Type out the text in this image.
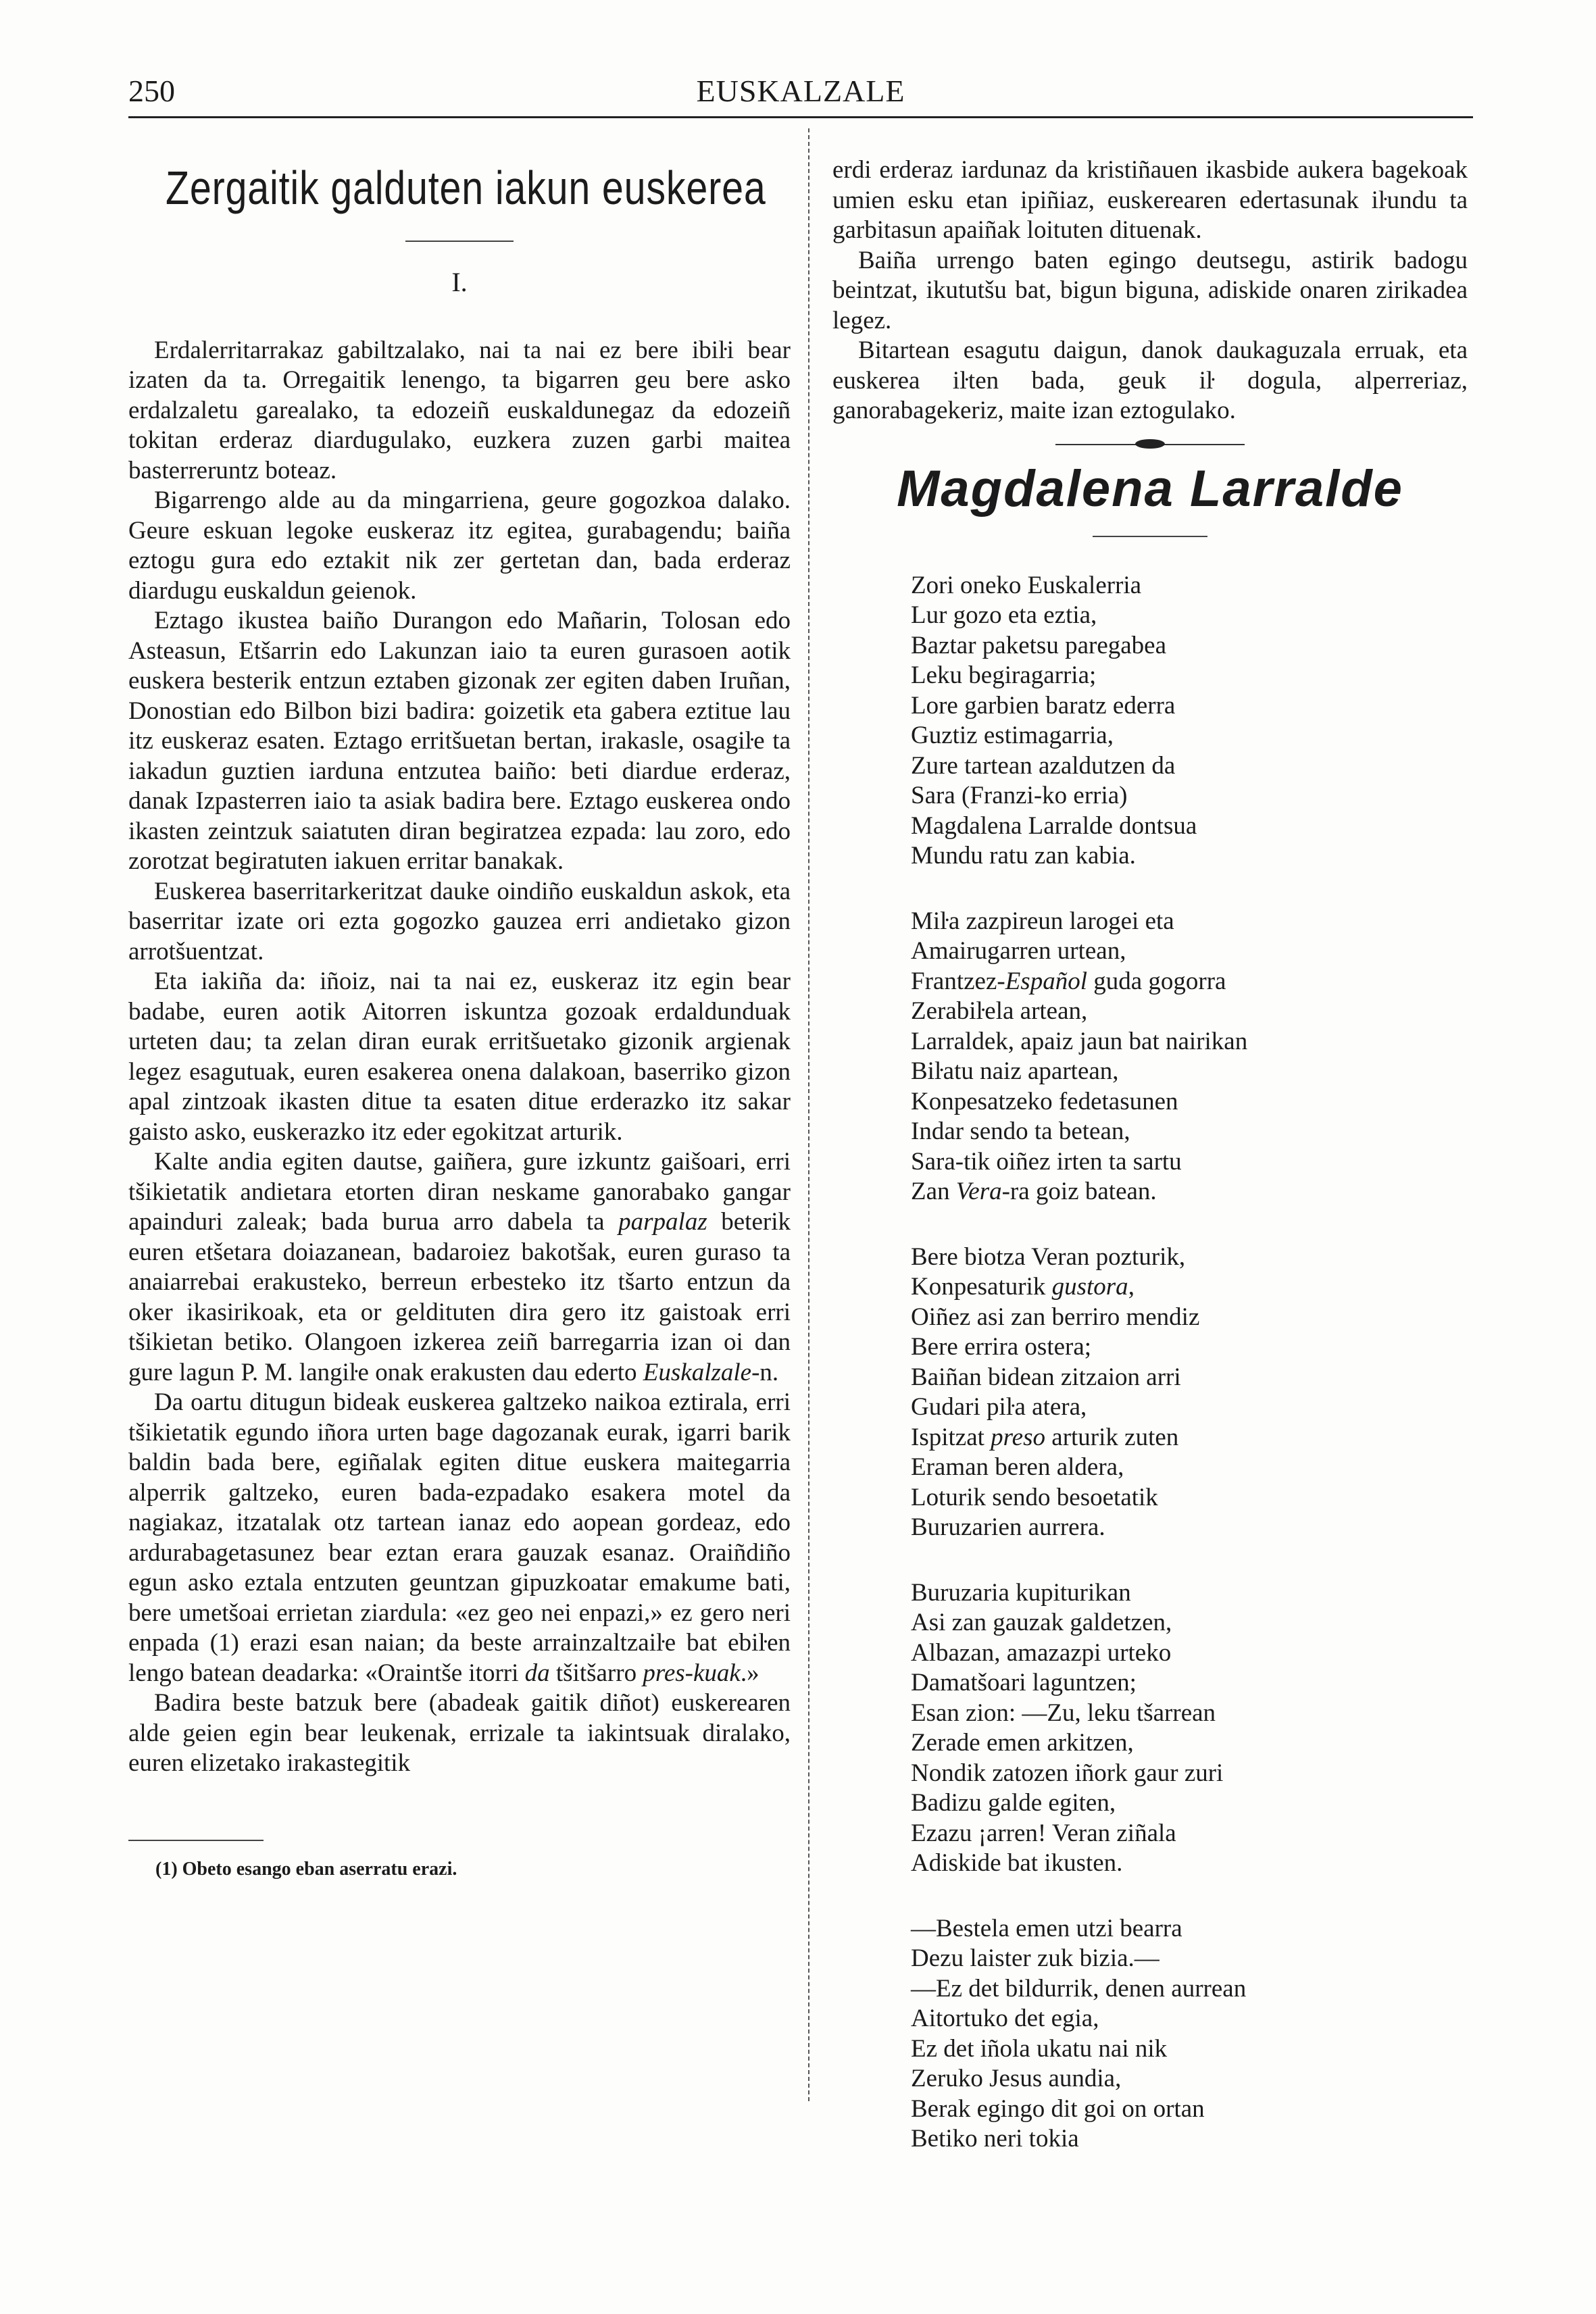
250	EUSKALZALE
Zergaitik galduten iakun euskerea
I.

Erdalerritarrakaz gabiltzalako, nai ta nai ez bere ibiŀi bear izaten da ta. Orregaitik lenengo, ta bigarren geu bere asko erdalzaletu garealako, ta edozeiñ euskaldunegaz da edozeiñ tokitan erderaz diardugulako, euzkera zuzen garbi maitea basterreruntz boteaz.

Bigarrengo alde au da mingarriena, geure gogozkoa dalako. Geure eskuan legoke euskeraz itz egitea, gurabagendu; baiña eztogu gura edo eztakit nik zer gertetan dan, bada erderaz diardugu euskaldun geienok.

Eztago ikustea baiño Durangon edo Mañarin, Tolosan edo Asteasun, Etšarrin edo Lakunzan iaio ta euren gurasoen aotik euskera besterik entzun eztaben gizonak zer egiten daben Iruñan, Donostian edo Bilbon bizi badira: goizetik eta gabera eztitue lau itz euskeraz esaten. Eztago erritšuetan bertan, irakasle, osagiŀe ta iakadun guztien iarduna entzutea baiño: beti diardue erderaz, danak Izpasterren iaio ta asiak badira bere. Eztago euskerea ondo ikasten zeintzuk saiatuten diran begiratzea ezpada: lau zoro, edo zorotzat begiratuten iakuen erritar banakak.

Euskerea baserritarkeritzat dauke oindiño euskaldun askok, eta baserritar izate ori ezta gogozko gauzea erri andietako gizon arrotšuentzat.

Eta iakiña da: iñoiz, nai ta nai ez, euskeraz itz egin bear badabe, euren aotik Aitorren iskuntza gozoak erdaldunduak urteten dau; ta zelan diran eurak erritšuetako gizonik argienak legez esagutuak, euren esakerea onena dalakoan, baserriko gizon apal zintzoak ikasten ditue ta esaten ditue erderazko itz sakar gaisto asko, euskerazko itz eder egokitzat arturik.

Kalte andia egiten dautse, gaiñera, gure izkuntz gaišoari, erri tšikietatik andietara etorten diran neskame ganorabako gangar apainduri zaleak; bada burua arro dabela ta parpalaz beterik euren etšetara doiazanean, badaroiez bakotšak, euren guraso ta anaiarrebai erakusteko, berreun erbesteko itz tšarto entzun da oker ikasirikoak, eta or geldituten dira gero itz gaistoak erri tšikietan betiko. Olangoen izkerea zeiñ barregarria izan oi dan gure lagun P. M. langiŀe onak erakusten dau ederto Euskalzale-n.

Da oartu ditugun bideak euskerea galtzeko naikoa eztirala, erri tšikietatik egundo iñora urten bage dagozanak eurak, igarri barik baldin bada bere, egiñalak egiten ditue euskera maitegarria alperrik galtzeko, euren bada-ezpadako esakera motel da nagiakaz, itzatalak otz tartean ianaz edo aopean gordeaz, edo ardurabagetasunez bear eztan erara gauzak esanaz. Oraiñdiño egun asko eztala entzuten geuntzan gipuzkoatar emakume bati, bere umetšoai errietan ziardula: «ez geo nei enpazi,» ez gero neri enpada (1) erazi esan naian; da beste arrainzaltzaiŀe bat ebiŀen lengo batean deadarka: «Oraintše itorri da tšitšarro pres-kuak.»

Badira beste batzuk bere (abadeak gaitik diñot) euskerearen alde geien egin bear leukenak, errizale ta iakintsuak diralako, euren elizetako irakastegitik

(1) Obeto esango eban aserratu erazi.

erdi erderaz iardunaz da kristiñauen ikasbide aukera bagekoak umien esku etan ipiñiaz, euskerearen edertasunak iŀundu ta garbitasun apaiñak loituten dituenak.

Baiña urrengo baten egingo deutsegu, astirik badogu beintzat, ikututšu bat, bigun biguna, adiskide onaren zirikadea legez.

Bitartean esagutu daigun, danok daukaguzala erruak, eta euskerea iŀten bada, geuk iŀ dogula, alperreriaz, ganorabagekeriz, maite izan eztogulako.

Magdalena Larralde
Zori oneko Euskalerria
Lur gozo eta eztia,
Baztar paketsu paregabea
Leku begiragarria;
Lore garbien baratz ederra
Guztiz estimagarria,
Zure tartean azaldutzen da
Sara (Franzi-ko erria)
Magdalena Larralde dontsua
Mundu ratu zan kabia.
Miŀa zazpireun larogei eta
Amairugarren urtean,
Frantzez-Español guda gogorra
Zerabiŀela artean,
Larraldek, apaiz jaun bat nairikan
Biŀatu naiz apartean,
Konpesatzeko fedetasunen
Indar sendo ta betean,
Sara-tik oiñez irten ta sartu
Zan Vera-ra goiz batean.
Bere biotza Veran pozturik,
Konpesaturik gustora,
Oiñez asi zan berriro mendiz
Bere errira ostera;
Baiñan bidean zitzaion arri
Gudari piŀa atera,
Ispitzat preso arturik zuten
Eraman beren aldera,
Loturik sendo besoetatik
Buruzarien aurrera.
Buruzaria kupiturikan
Asi zan gauzak galdetzen,
Albazan, amazazpi urteko
Damatšoari laguntzen;
Esan zion: —Zu, leku tšarrean
Zerade emen arkitzen,
Nondik zatozen iñork gaur zuri
Badizu galde egiten,
Ezazu ¡arren! Veran ziñala
Adiskide bat ikusten.
—Bestela emen utzi bearra
Dezu laister zuk bizia.—
—Ez det bildurrik, denen aurrean
Aitortuko det egia,
Ez det iñola ukatu nai nik
Zeruko Jesus aundia,
Berak egingo dit goi on ortan
Betiko neri tokia
